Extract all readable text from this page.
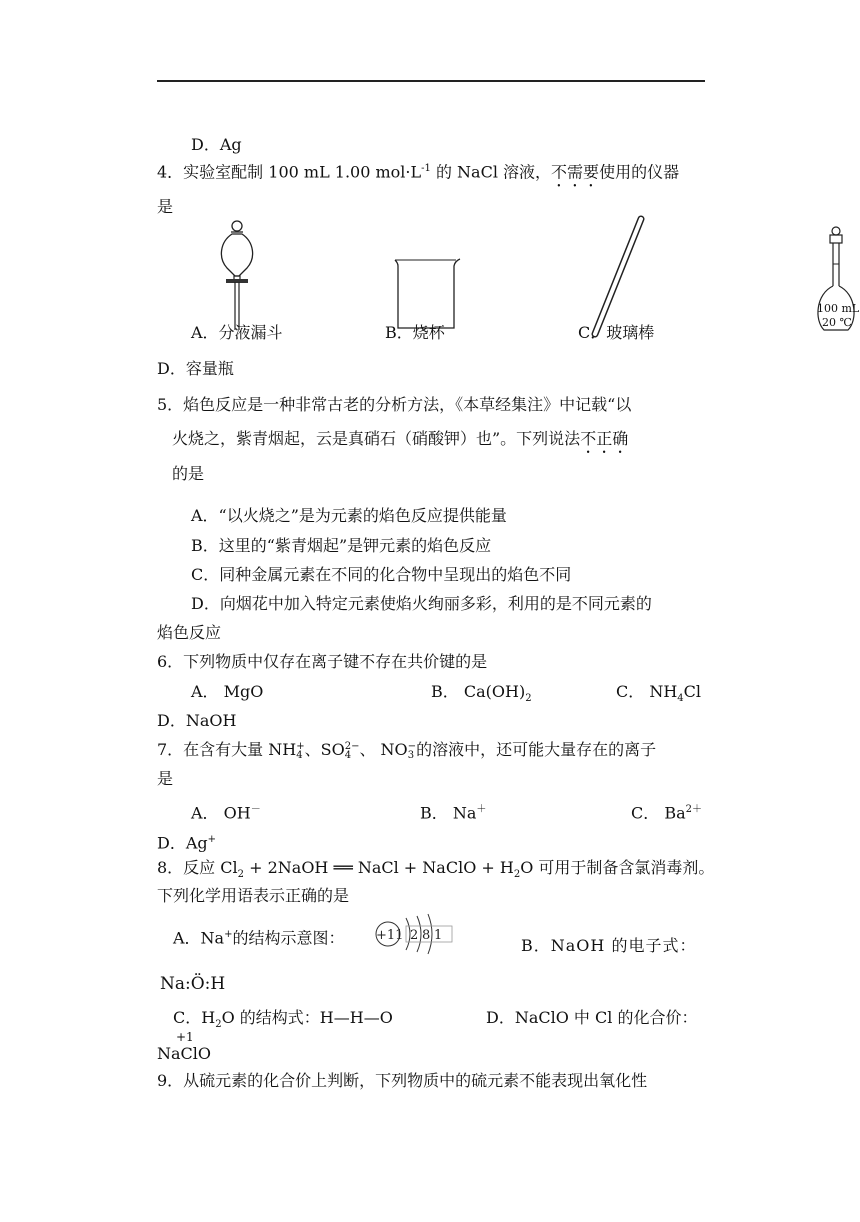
D．Ag
4．实验室配制 100 mL 1.00 $mol\cdot L^{-1}$ 的 NaCl 溶液，不需要使用的仪器
是
100 mL
20 ℃
A．分液漏斗	B．烧杯	C．玻璃棒
D．容量瓶
5．焰色反应是一种非常古老的分析方法，《本草经集注》中记载“以
火烧之，紫青烟起，云是真硝石（硝酸钾）也”。下列说法不正确
的是
A．“以火烧之”是为元素的焰色反应提供能量
B．这里的“紫青烟起”是钾元素的焰色反应
C．同种金属元素在不同的化合物中呈现出的焰色不同
D．向烟花中加入特定元素使焰火绚丽多彩，利用的是不同元素的
焰色反应
6．下列物质中仅存在离子键不存在共价键的是
A． MgO	B． $Ca(OH)_2$	C． $NH_4Cl$
D．NaOH
7．在含有大量 NH+
4 、SO2−
4 、 NO−
3 的溶液中，还可能大量存在的离子
是
A． OH－	B． Na＋	C． $Ba^{2+}$
D．Ag+
8．反应 $Cl_2$ + 2NaOH ══ NaCl + NaClO + $H_2O$ 可用于制备含氯消毒剂。
下列化学用语表示正确的是
A．Na+的结构示意图： +11 2 8 1
B．NaOH 的电子式：
Na:Ö:H
C．$H_2O$ 的结构式：H—H—O	D．NaClO 中 Cl 的化合价：
+1
NaClO
9．从硫元素的化合价上判断，下列物质中的硫元素不能表现出氧化性
